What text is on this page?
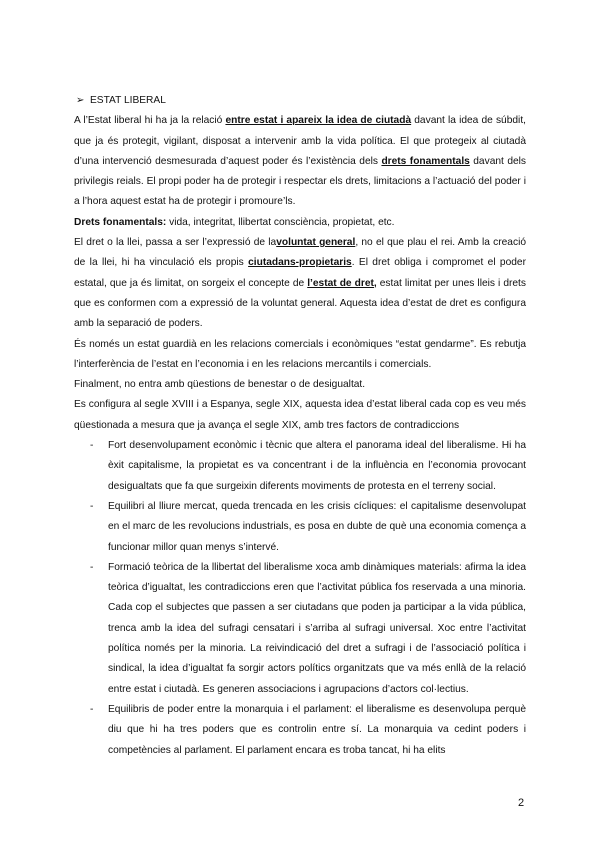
➢ ESTAT LIBERAL

A l’Estat liberal hi ha ja la relació entre estat i apareix la idea de ciutadà davant la idea de súbdit, que ja és protegit, vigilant, disposat a intervenir amb la vida política. El que protegeix al ciutadà d’una intervenció desmesurada d’aquest poder és l’existència dels drets fonamentals davant dels privilegis reials. El propi poder ha de protegir i respectar els drets, limitacions a l’actuació del poder i a l’hora aquest estat ha de protegir i promoure’ls.

Drets fonamentals: vida, integritat, llibertat consciència, propietat, etc.

El dret o la llei, passa a ser l’expressió de lavoluntat general, no el que plau el rei. Amb la creació de la llei, hi ha vinculació els propis ciutadans-propietaris. El dret obliga i compromet el poder estatal, que ja és limitat, on sorgeix el concepte de l’estat de dret, estat limitat per unes lleis i drets que es conformen com a expressió de la voluntat general. Aquesta idea d’estat de dret es configura amb la separació de poders.

És només un estat guardià en les relacions comercials i econòmiques “estat gendarme”. Es rebutja l’interferència de l’estat en l’economia i en les relacions mercantils i comercials.

Finalment, no entra amb qüestions de benestar o de desigualtat.

Es configura al segle XVIII i a Espanya, segle XIX, aquesta idea d’estat liberal cada cop es veu més qüestionada a mesura que ja avança el segle XIX, amb tres factors de contradiccions

- Fort desenvolupament econòmic i tècnic que altera el panorama ideal del liberalisme. Hi ha èxit capitalisme, la propietat es va concentrant i de la influència en l’economia provocant desigualtats que fa que surgeixin diferents moviments de protesta en el terreny social.
- Equilibri al lliure mercat, queda trencada en les crisis cícliques: el capitalisme desenvolupat en el marc de les revolucions industrials, es posa en dubte de què una economia comença a funcionar millor quan menys s’intervé.
- Formació teòrica de la llibertat del liberalisme xoca amb dinàmiques materials: afirma la idea teòrica d’igualtat, les contradiccions eren que l’activitat pública fos reservada a una minoria. Cada cop el subjectes que passen a ser ciutadans que poden ja participar a la vida pública, trenca amb la idea del sufragi censatari i s’arriba al sufragi universal. Xoc entre l’activitat política només per la minoria. La reivindicació del dret a sufragi i de l’associació política i sindical, la idea d’igualtat fa sorgir actors polítics organitzats que va més enllà de la relació entre estat i ciutadà. Es generen associacions i agrupacions d’actors col·lectius.
- Equilibris de poder entre la monarquia i el parlament: el liberalisme es desenvolupa perquè diu que hi ha tres poders que es controlin entre sí. La monarquia va cedint poders i competències al parlament. El parlament encara es troba tancat, hi ha elits
2
